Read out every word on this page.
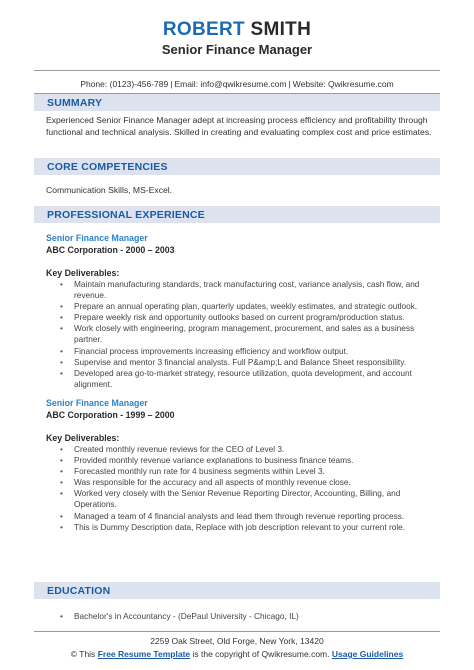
ROBERT SMITH
Senior Finance Manager
Phone: (0123)-456-789 | Email: info@qwikresume.com | Website: Qwikresume.com
SUMMARY
Experienced Senior Finance Manager adept at increasing process efficiency and profitability through functional and technical analysis. Skilled in creating and evaluating complex cost and price estimates.
CORE COMPETENCIES
Communication Skills, MS-Excel.
PROFESSIONAL EXPERIENCE
Senior Finance Manager
ABC Corporation - 2000 – 2003
Key Deliverables:
• Maintain manufacturing standards, track manufacturing cost, variance analysis, cash flow, and revenue.
• Prepare an annual operating plan, quarterly updates, weekly estimates, and strategic outlook.
• Prepare weekly risk and opportunity outlooks based on current program/production status.
• Work closely with engineering, program management, procurement, and sales as a business partner.
• Financial process improvements increasing efficiency and workflow output.
• Supervise and mentor 3 financial analysts. Full P&amp;L and Balance Sheet responsibility.
• Developed area go-to-market strategy, resource utilization, quota development, and account alignment.
Senior Finance Manager
ABC Corporation - 1999 – 2000
Key Deliverables:
• Created monthly revenue reviews for the CEO of Level 3.
• Provided monthly revenue variance explanations to business finance teams.
• Forecasted monthly run rate for 4 business segments within Level 3.
• Was responsible for the accuracy and all aspects of monthly revenue close.
• Worked very closely with the Senior Revenue Reporting Director, Accounting, Billing, and Operations.
• Managed a team of 4 financial analysts and lead them through revenue reporting process.
• This is Dummy Description data, Replace with job description relevant to your current role.
EDUCATION
• Bachelor's in Accountancy - (DePaul University - Chicago, IL)
2259 Oak Street, Old Forge, New York, 13420
© This Free Resume Template is the copyright of Qwikresume.com. Usage Guidelines
